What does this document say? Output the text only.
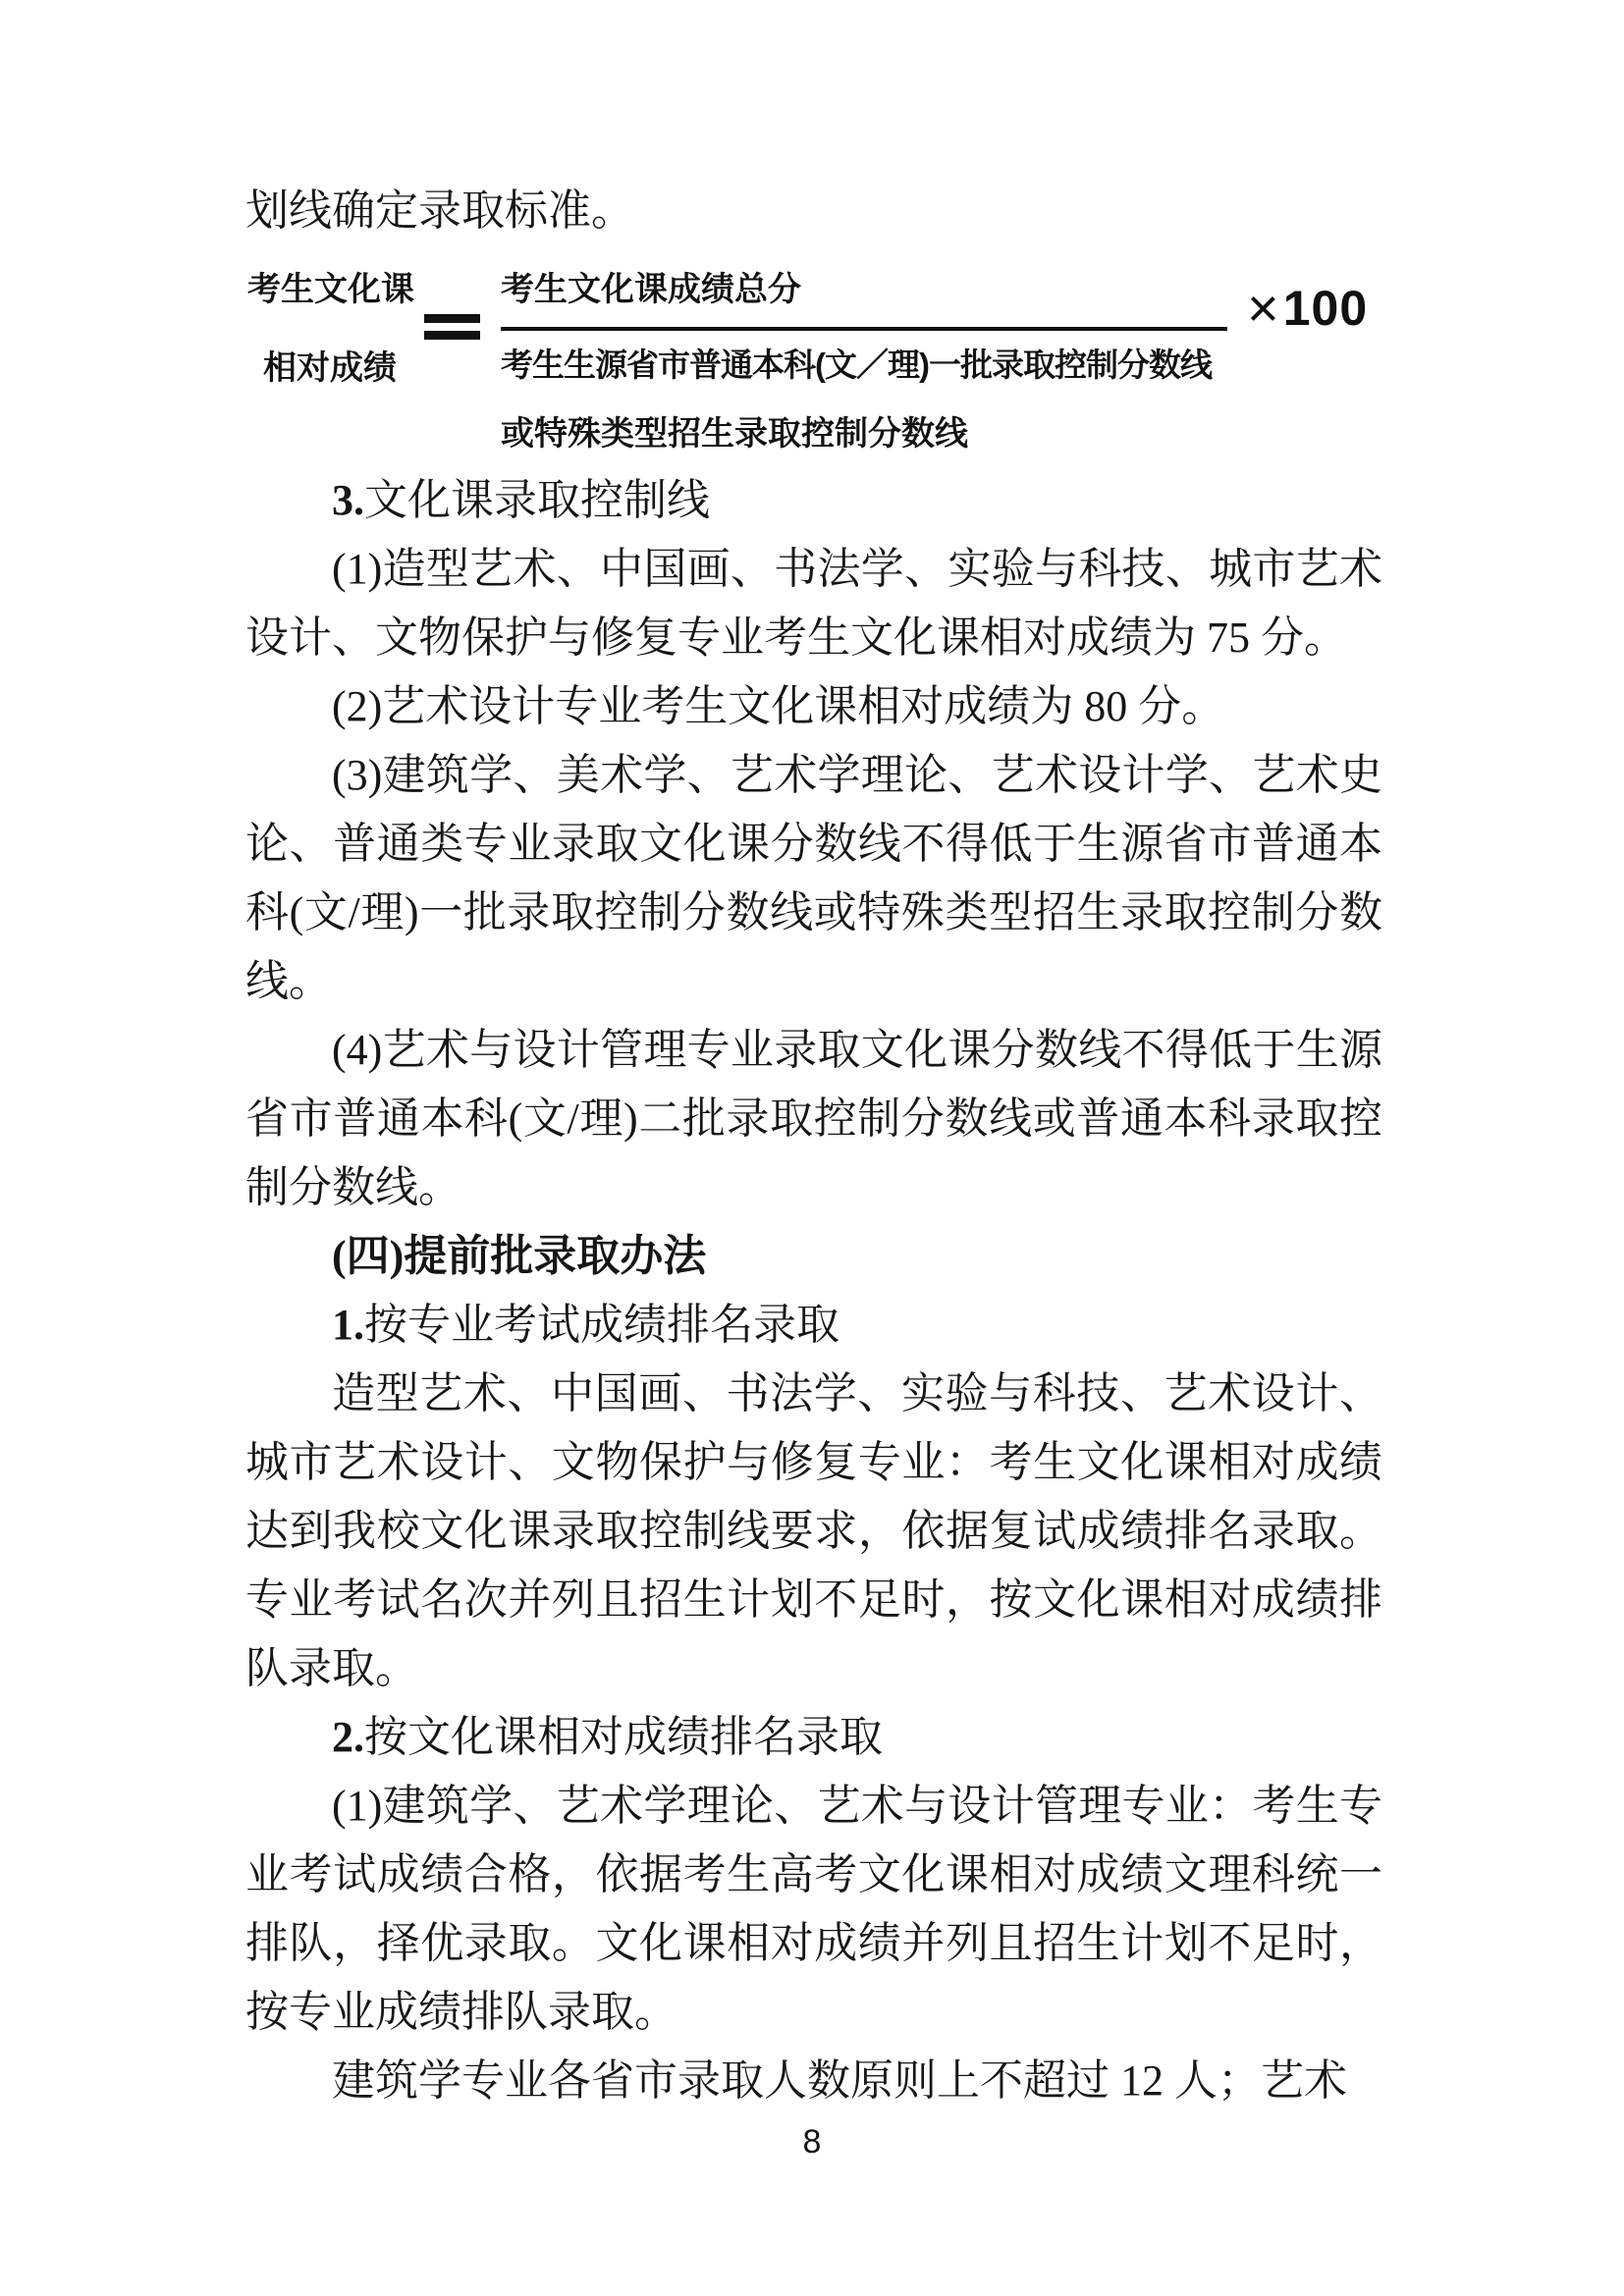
划线确定录取标准。

考生文化课
相对成绩
考生文化课成绩总分
考生生源省市普通本科(文／理)一批录取控制分数线
或特殊类型招生录取控制分数线
× 100

3.文化课录取控制线

(1)造型艺术、中国画、书法学、实验与科技、城市艺术设计、文物保护与修复专业考生文化课相对成绩为 75 分。

(2)艺术设计专业考生文化课相对成绩为 80 分。

(3)建筑学、美术学、艺术学理论、艺术设计学、艺术史论、普通类专业录取文化课分数线不得低于生源省市普通本科(文/理)一批录取控制分数线或特殊类型招生录取控制分数线。

(4)艺术与设计管理专业录取文化课分数线不得低于生源省市普通本科(文/理)二批录取控制分数线或普通本科录取控制分数线。

(四)提前批录取办法

1.按专业考试成绩排名录取

造型艺术、中国画、书法学、实验与科技、艺术设计、城市艺术设计、文物保护与修复专业：考生文化课相对成绩达到我校文化课录取控制线要求，依据复试成绩排名录取。专业考试名次并列且招生计划不足时，按文化课相对成绩排队录取。

2.按文化课相对成绩排名录取

(1)建筑学、艺术学理论、艺术与设计管理专业：考生专业考试成绩合格，依据考生高考文化课相对成绩文理科统一排队，择优录取。文化课相对成绩并列且招生计划不足时，按专业成绩排队录取。

建筑学专业各省市录取人数原则上不超过 12 人；艺术

8
